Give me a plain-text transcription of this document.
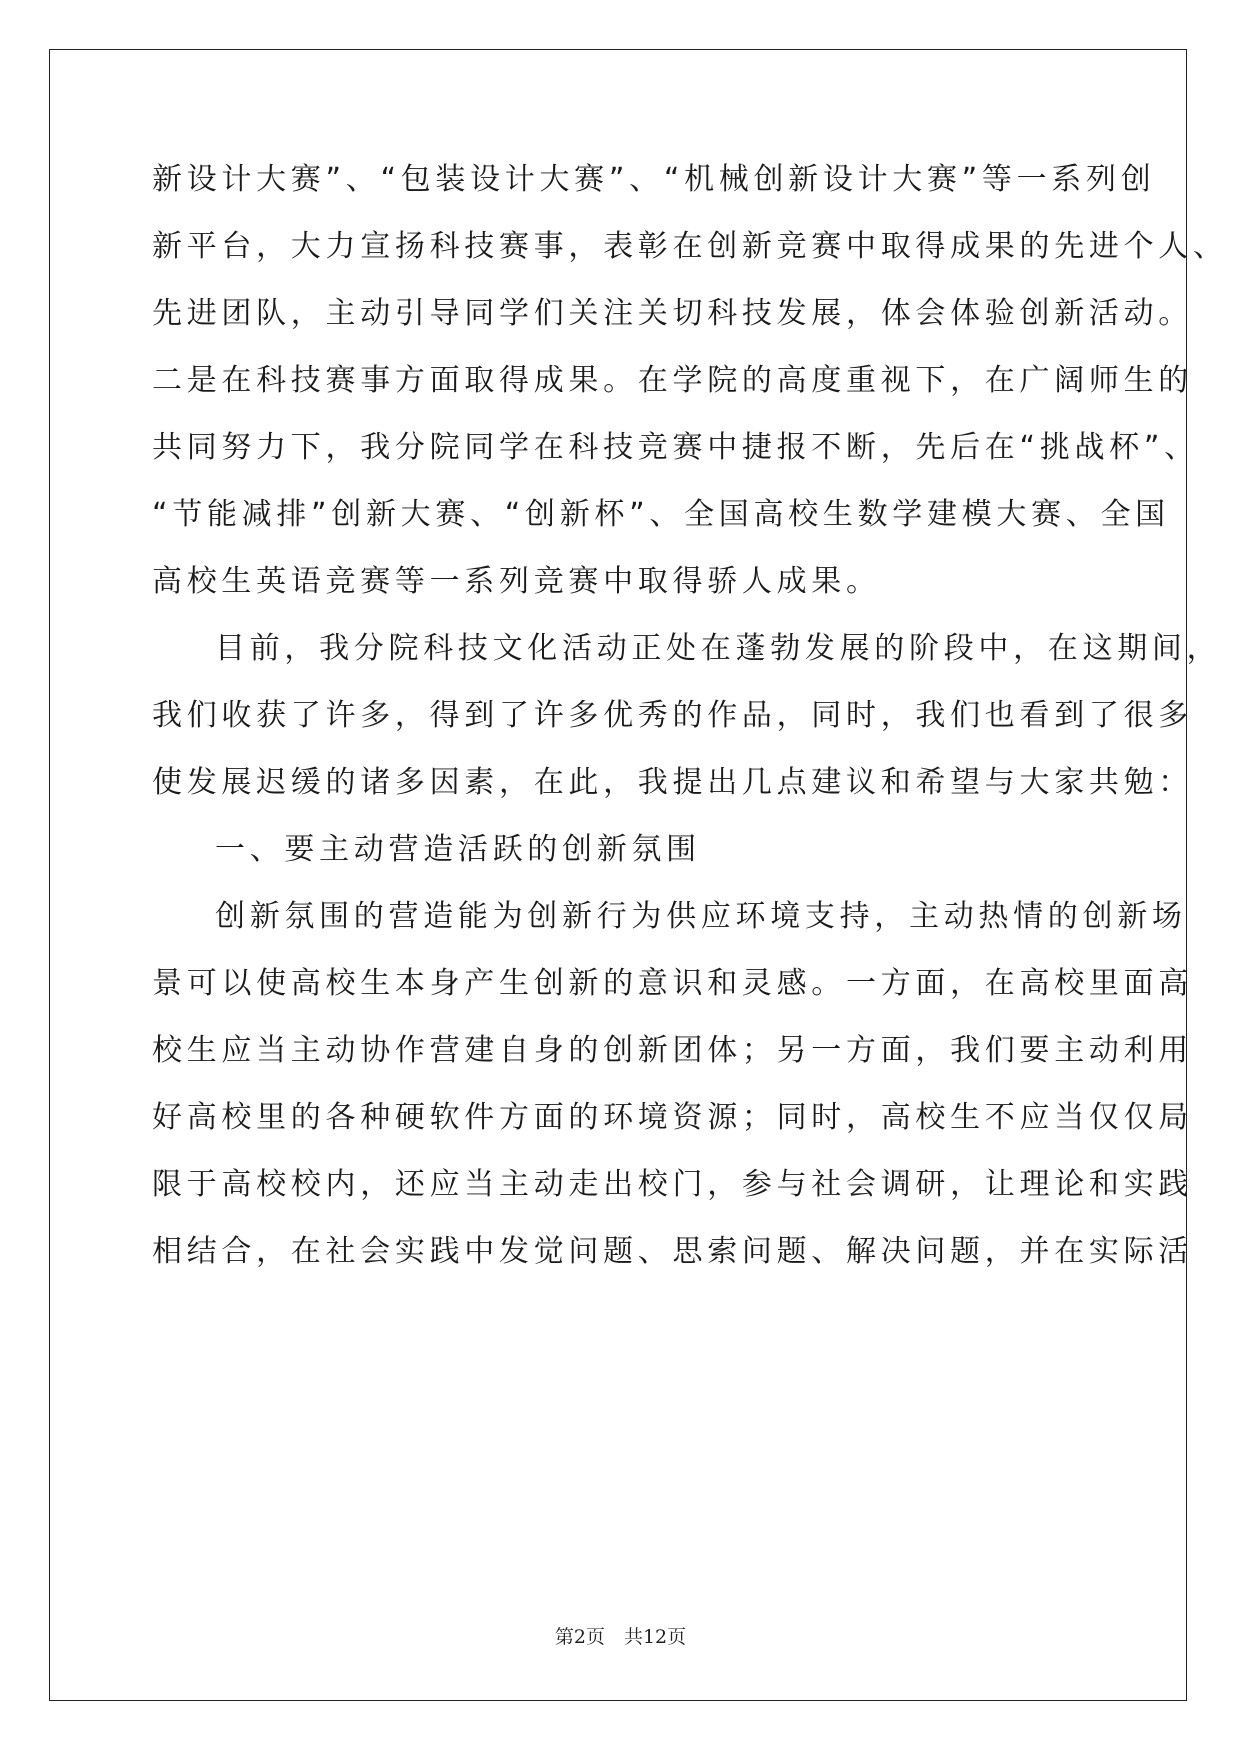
新设计大赛”、“包装设计大赛”、“机械创新设计大赛”等一系列创
新平台，大力宣扬科技赛事，表彰在创新竞赛中取得成果的先进个人、
先进团队，主动引导同学们关注关切科技发展，体会体验创新活动。
二是在科技赛事方面取得成果。在学院的高度重视下，在广阔师生的
共同努力下，我分院同学在科技竞赛中捷报不断，先后在“挑战杯”、
“节能减排”创新大赛、“创新杯”、全国高校生数学建模大赛、全国
高校生英语竞赛等一系列竞赛中取得骄人成果。
目前，我分院科技文化活动正处在蓬勃发展的阶段中，在这期间，
我们收获了许多，得到了许多优秀的作品，同时，我们也看到了很多
使发展迟缓的诸多因素，在此，我提出几点建议和希望与大家共勉：
一、要主动营造活跃的创新氛围
创新氛围的营造能为创新行为供应环境支持，主动热情的创新场
景可以使高校生本身产生创新的意识和灵感。一方面，在高校里面高
校生应当主动协作营建自身的创新团体；另一方面，我们要主动利用
好高校里的各种硬软件方面的环境资源；同时，高校生不应当仅仅局
限于高校校内，还应当主动走出校门，参与社会调研，让理论和实践
相结合，在社会实践中发觉问题、思索问题、解决问题，并在实际活
第2页　共12页
